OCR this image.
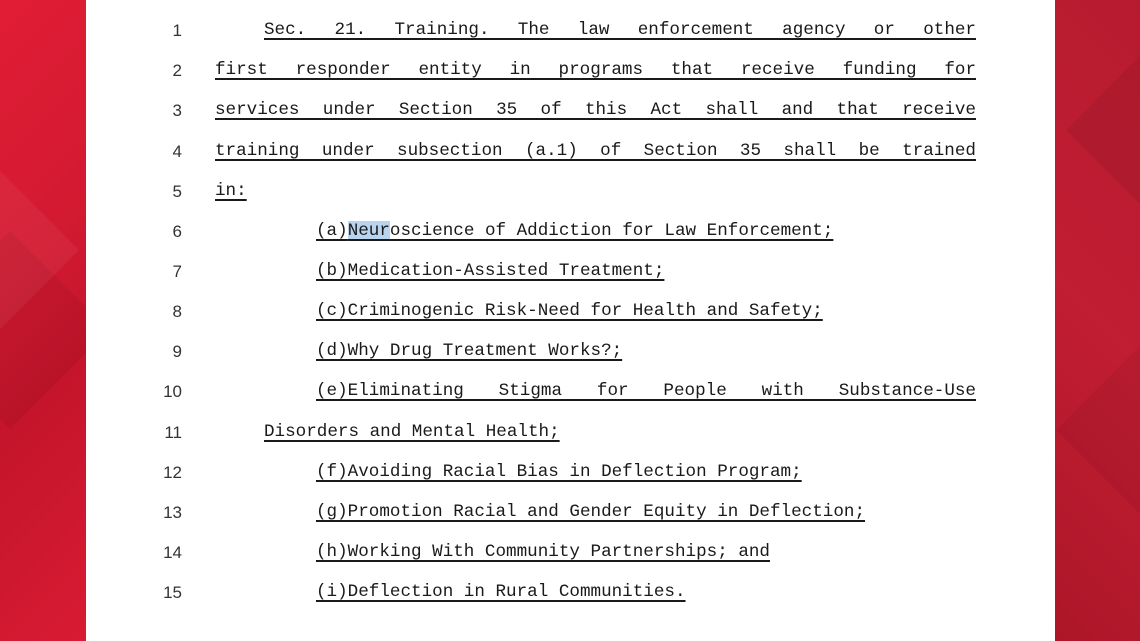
1	Sec. 21. Training. The law enforcement agency or other
2 first responder entity in programs that receive funding for
3 services under Section 35 of this Act shall and that receive
4 training under subsection (a.1) of Section 35 shall be trained
5 in:
6	(a)Neuroscience of Addiction for Law Enforcement;
7	(b)Medication-Assisted Treatment;
8	(c)Criminogenic Risk-Need for Health and Safety;
9	(d)Why Drug Treatment Works?;
10	(e)Eliminating Stigma for People with Substance-Use
11	Disorders and Mental Health;
12	(f)Avoiding Racial Bias in Deflection Program;
13	(g)Promotion Racial and Gender Equity in Deflection;
14	(h)Working With Community Partnerships; and
15	(i)Deflection in Rural Communities.
